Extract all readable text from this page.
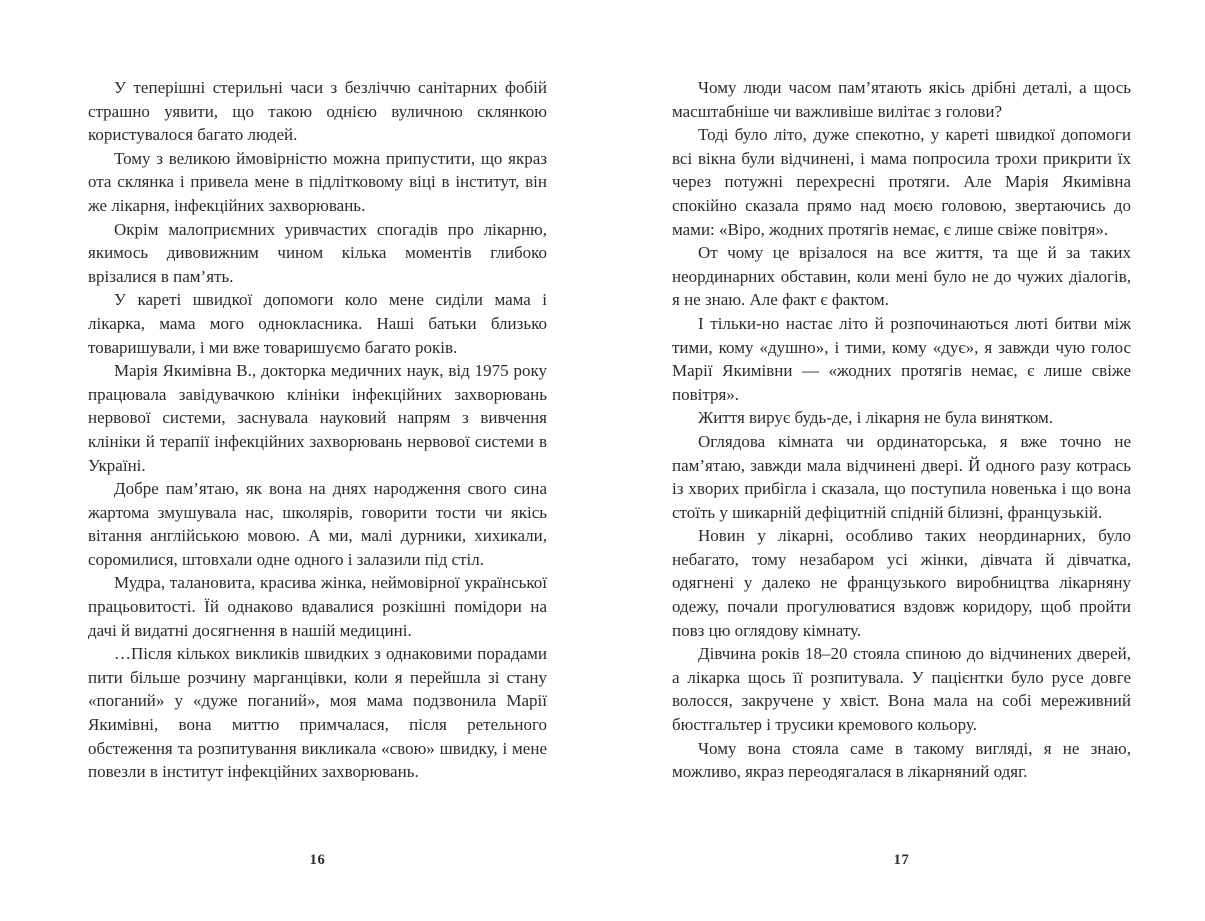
У теперішні стерильні часи з безліччю санітарних фобій страшно уявити, що такою однією вуличною склянкою користувалося багато людей.

Тому з великою ймовірністю можна припустити, що якраз ота склянка і привела мене в підлітковому віці в інститут, він же лікарня, інфекційних захворювань.

Окрім малоприємних уривчастих спогадів про лікарню, якимось дивовижним чином кілька моментів глибоко врізалися в пам’ять.

У кареті швидкої допомоги коло мене сиділи мама і лікарка, мама мого однокласника. Наші батьки близько товаришували, і ми вже товаришуємо багато років.

Марія Якимівна В., докторка медичних наук, від 1975 року працювала завідувачкою клініки інфекційних захворювань нервової системи, заснувала науковий напрям з вивчення клініки й терапії інфекційних захворювань нервової системи в Україні.

Добре пам’ятаю, як вона на днях народження свого сина жартома змушувала нас, школярів, говорити тости чи якісь вітання англійською мовою. А ми, малі дурники, хихикали, соромилися, штовхали одне одного і залазили під стіл.

Мудра, талановита, красива жінка, неймовірної української працьовитості. Їй однаково вдавалися розкішні помідори на дачі й видатні досягнення в нашій медицині.

…Після кількох викликів швидких з однаковими порадами пити більше розчину марганцівки, коли я перейшла зі стану «поганий» у «дуже поганий», моя мама подзвонила Марії Якимівні, вона миттю примчалася, після ретельного обстеження та розпитування викликала «свою» швидку, і мене повезли в інститут інфекційних захворювань.

16

Чому люди часом пам’ятають якісь дрібні деталі, а щось масштабніше чи важливіше вилітає з голови?

Тоді було літо, дуже спекотно, у кареті швидкої допомоги всі вікна були відчинені, і мама попросила трохи прикрити їх через потужні перехресні протяги. Але Марія Якимівна спокійно сказала прямо над моєю головою, звертаючись до мами: «Віро, жодних протягів немає, є лише свіже повітря».

От чому це врізалося на все життя, та ще й за таких неординарних обставин, коли мені було не до чужих діалогів, я не знаю. Але факт є фактом.

І тільки-но настає літо й розпочинаються люті битви між тими, кому «душно», і тими, кому «дує», я завжди чую голос Марії Якимівни — «жодних протягів немає, є лише свіже повітря».

Життя вирує будь-де, і лікарня не була винятком.

Оглядова кімната чи ординаторська, я вже точно не пам’ятаю, завжди мала відчинені двері. Й одного разу котрась із хворих прибігла і сказала, що поступила новенька і що вона стоїть у шикарній дефіцитній спідній білизні, французькій.

Новин у лікарні, особливо таких неординарних, було небагато, тому незабаром усі жінки, дівчата й дівчатка, одягнені у далеко не французького виробництва лікарняну одежу, почали прогулюватися вздовж коридору, щоб пройти повз цю оглядову кімнату.

Дівчина років 18–20 стояла спиною до відчинених дверей, а лікарка щось її розпитувала. У пацієнтки було русе довге волосся, закручене у хвіст. Вона мала на собі мереживний бюстгальтер і трусики кремового кольору.

Чому вона стояла саме в такому вигляді, я не знаю, можливо, якраз переодягалася в лікарняний одяг.

17
